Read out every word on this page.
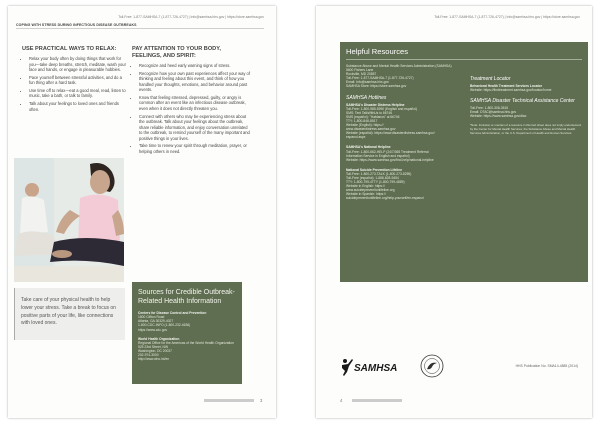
Toll-Free: 1-877-SAMHSA-7 (1-877-726-4727) | Info@samhsa.hhs.gov | https://store.samhsa.gov
COPING WITH STRESS DURING INFECTIOUS DISEASE OUTBREAKS
USE PRACTICAL WAYS TO RELAX:
• Relax your body often by doing things that work for you—take deep breaths, stretch, meditate, wash your face and hands, or engage in pleasurable hobbies.
• Pace yourself between stressful activities, and do a fun thing after a hard task.
• Use time off to relax—eat a good meal, read, listen to music, take a bath, or talk to family.
• Talk about your feelings to loved ones and friends often.
PAY ATTENTION TO YOUR BODY, FEELINGS, AND SPIRIT:
• Recognize and heed early warning signs of stress.
• Recognize how your own past experiences affect your way of thinking and feeling about this event, and think of how you handled your thoughts, emotions, and behavior around past events.
• Know that feeling stressed, depressed, guilty, or angry is common after an event like an infectious disease outbreak, even when it does not directly threaten you.
• Connect with others who may be experiencing stress about the outbreak. Talk about your feelings about the outbreak, share reliable information, and enjoy conversation unrelated to the outbreak, to remind yourself of the many important and positive things in your lives.
• Take time to renew your spirit through meditation, prayer, or helping others in need.

Take care of your physical health to help lower your stress. Take a break to focus on positive parts of your life, like connections with loved ones.

Sources for Credible Outbreak-Related Health Information
Centers for Disease Control and Prevention
1600 Clifton Road
Atlanta, GA 30329-4027
1-800-CDC-INFO (1-800-232-4636)
https://www.cdc.gov
World Health Organization
Regional Office for the Americas of the World Health Organization
525 23rd Street, NW
Washington, DC 20037
202-974-3000
http://www.who.int/en
3
Toll-Free: 1-877-SAMHSA-7 (1-877-726-4727) | Info@samhsa.hhs.gov | https://store.samhsa.gov
Helpful Resources
Substance Abuse and Mental Health Services Administration (SAMHSA)
5600 Fishers Lane
Rockville, MD 20857
Toll-Free: 1-877-SAMHSA-7 (1-877-726-4727)
Email: Info@samhsa.hhs.gov
SAMHSA Store: https://store.samhsa.gov
SAMHSA Hotlines
SAMHSA's Disaster Distress Helpline
Toll-Free: 1-800-985-5990 (English and español)
SMS: Text TalkWithUs to 66746
SMS (español): "Hablanos" al 66746
TTY: 1-800-846-8517
Website (English): https://
www.disasterdistress.samhsa.gov
Website (español): https://www.disasterdistress.samhsa.gov/
espanol.aspx
SAMHSA's National Helpline
Toll-Free: 1-800-662-HELP (24/7/365 Treatment Referral
Information Service in English and español)
Website: https://www.samhsa.gov/find-help/national-helpline
National Suicide Prevention Lifeline
Toll-Free: 1-800-273-TALK (1-800-273-8255)
Toll-Free (español): 1-888-628-9454
TTY: 1-800-799-4TTY (1-800-799-4889)
Website in English: https://
www.suicidepreventionlifeline.org
Website in Spanish: https://
suicidepreventionlifeline.org/help-yourself/en-espanol
Treatment Locator
Behavioral Health Treatment Services Locator
Website: https://findtreatment.samhsa.gov/locator/home
SAMHSA Disaster Technical Assistance Center
Toll-Free: 1-800-308-3515
Email: DTAC@samhsa.hhs.gov
Website: https://www.samhsa.gov/dtac
*Note: Inclusion or mention of a resource in this fact sheet does not imply endorsement by the Center for Mental Health Services, the Substance Abuse and Mental Health Services Administration, or the U.S. Department of Health and Human Services.
SAMHSA	HHS Publication No. SMA14-4885 (2014)
4
